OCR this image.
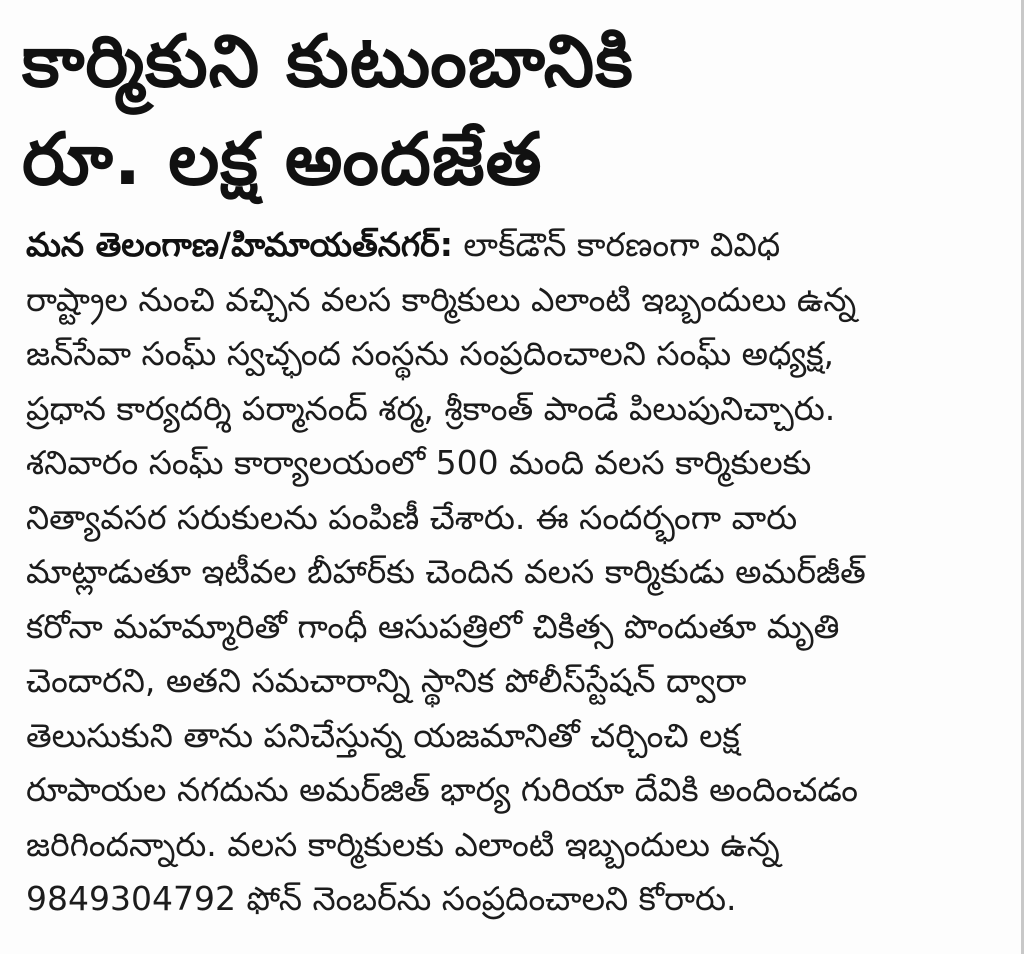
కార్మికుని కుటుంబానికి
రూ. లక్ష అందజేత
మన తెలంగాణ/హిమాయత్‌నగర్: లాక్‌డౌన్ కారణంగా వివిధ
రాష్ట్రాల నుంచి వచ్చిన వలస కార్మికులు ఎలాంటి ఇబ్బందులు ఉన్న
జన్‌సేవా సంఘ్ స్వచ్ఛంద సంస్థను సంప్రదించాలని సంఘ్ అధ్యక్ష,
ప్రధాన కార్యదర్శి పర్మానంద్ శర్మ, శ్రీకాంత్ పాండే పిలుపునిచ్చారు.
శనివారం సంఘ్ కార్యాలయంలో 500 మంది వలస కార్మికులకు
నిత్యావసర సరుకులను పంపిణీ చేశారు. ఈ సందర్భంగా వారు
మాట్లాడుతూ ఇటీవల బీహార్‌కు చెందిన వలస కార్మికుడు అమర్‌జీత్
కరోనా మహమ్మారితో గాంధీ ఆసుపత్రిలో చికిత్స పొందుతూ మృతి
చెందారని, అతని సమచారాన్ని స్థానిక పోలీస్‌స్టేషన్ ద్వారా
తెలుసుకుని తాను పనిచేస్తున్న యజమానితో చర్చించి లక్ష
రూపాయల నగదును అమర్‌జిత్ భార్య గురియా దేవికి అందించడం
జరిగిందన్నారు. వలస కార్మికులకు ఎలాంటి ఇబ్బందులు ఉన్న
9849304792 ఫోన్ నెంబర్‌ను సంప్రదించాలని కోరారు.
